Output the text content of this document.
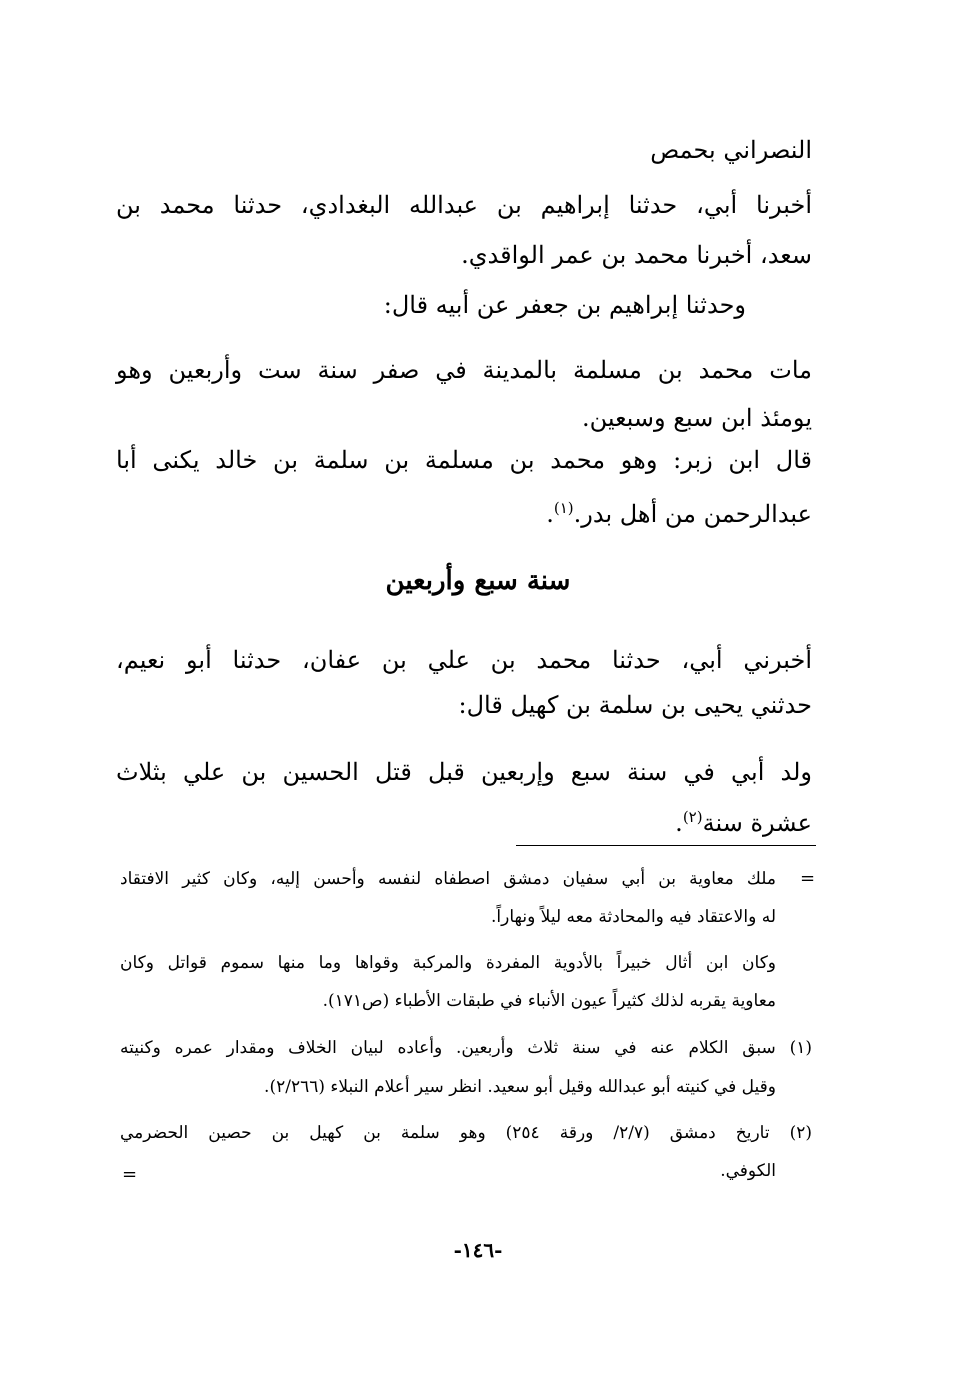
النصراني بحمص
أخبرنا أبي، حدثنا إبراهيم بن عبدالله البغدادي، حدثنا محمد بن
سعد، أخبرنا محمد بن عمر الواقدي.
وحدثنا إبراهيم بن جعفر عن أبيه قال:
مات محمد بن مسلمة بالمدينة في صفر سنة ست وأربعين وهو
يومئذ ابن سبع وسبعين.
قال ابن زبر: وهو محمد بن مسلمة بن سلمة بن خالد يكنى أبا
عبدالرحمن من أهل بدر.$^{(١)}$.
سنة سبع وأربعين
أخبرني أبي، حدثنا محمد بن علي بن عفان، حدثنا أبو نعيم،
حدثني يحيى بن سلمة بن كهيل قال:
ولد أبي في سنة سبع وإربعين قبل قتل الحسين بن علي بثلاث
عشرة سنة$^{(٢)}$.
=
ملك معاوية بن أبي سفيان دمشق اصطفاه لنفسه وأحسن إليه، وكان كثير الافتقاد
له والاعتقاد فيه والمحادثة معه ليلاً ونهاراً.
وكان ابن أثال خبيراً بالأدوية المفردة والمركبة وقواها وما منها سموم قواتل وكان
معاوية يقربه لذلك كثيراً عيون الأنباء في طبقات الأطباء (ص١٧١).
(١) سبق الكلام عنه في سنة ثلاث وأربعين. وأعاده لبيان الخلاف ومقدار عمره وكنيته
وقيل في كنيته أبو عبدالله وقيل أبو سعيد. انظر سير أعلام النبلاء (٢/٢٦٦).
(٢) تاريخ دمشق (٢/٧/ ورقة ٢٥٤) وهو سلمة بن كهيل بن حصين الحضرمي
الكوفي.
=
-١٤٦-
